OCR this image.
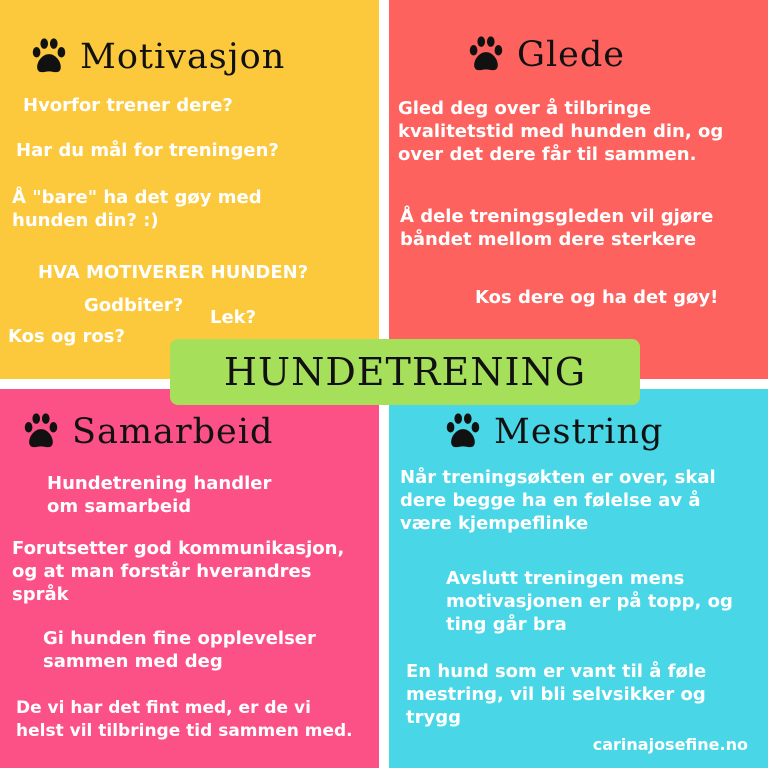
Motivasjon

Hvorfor trener dere?

Har du mål for treningen?

Å "bare" ha det gøy med

hunden din? :)

HVA MOTIVERER HUNDEN?

Godbiter?

Lek?

Kos og ros?

Glede

Gled deg over å tilbringe

kvalitetstid med hunden din, og

over det dere får til sammen.

Å dele treningsgleden vil gjøre

båndet mellom dere sterkere

Kos dere og ha det gøy!

Samarbeid

Hundetrening handler

om samarbeid

Forutsetter god kommunikasjon,

og at man forstår hverandres

språk

Gi hunden fine opplevelser

sammen med deg

De vi har det fint med, er de vi

helst vil tilbringe tid sammen med.

Mestring

Når treningsøkten er over, skal

dere begge ha en følelse av å

være kjempeflinke

Avslutt treningen mens

motivasjonen er på topp, og

ting går bra

En hund som er vant til å føle

mestring, vil bli selvsikker og

trygg

HUNDETRENING
carinajosefine.no
